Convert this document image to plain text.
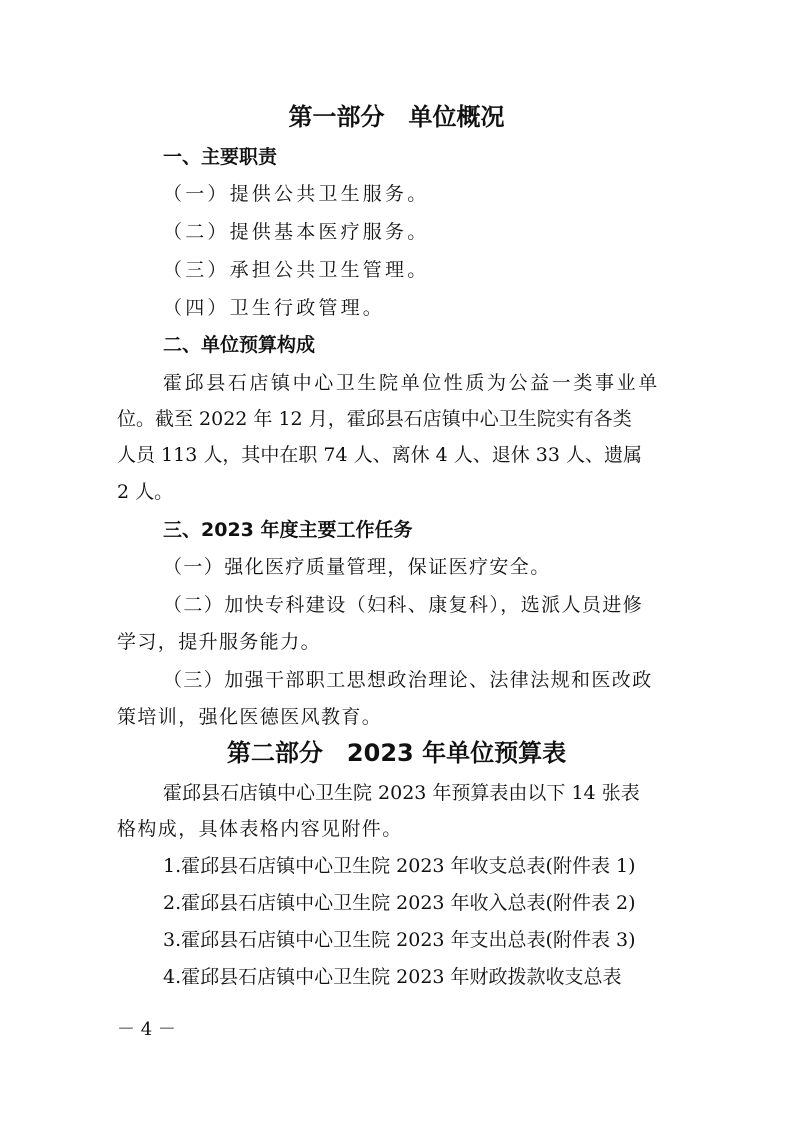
第一部分　单位概况
一、主要职责

（一）提供公共卫生服务。

（二）提供基本医疗服务。

（三）承担公共卫生管理。

（四）卫生行政管理。

二、单位预算构成

霍邱县石店镇中心卫生院单位性质为公益一类事业单

位。截至 2022 年 12 月，霍邱县石店镇中心卫生院实有各类

人员 113 人，其中在职 74 人、离休 4 人、退休 33 人、遗属

2 人。

三、2023 年度主要工作任务

（一）强化医疗质量管理，保证医疗安全。

（二）加快专科建设（妇科、康复科），选派人员进修

学习，提升服务能力。

（三）加强干部职工思想政治理论、法律法规和医改政

策培训，强化医德医风教育。

第二部分　2023 年单位预算表

霍邱县石店镇中心卫生院 2023 年预算表由以下 14 张表

格构成，具体表格内容见附件。

1.霍邱县石店镇中心卫生院 2023 年收支总表(附件表 1)

2.霍邱县石店镇中心卫生院 2023 年收入总表(附件表 2)

3.霍邱县石店镇中心卫生院 2023 年支出总表(附件表 3)

4.霍邱县石店镇中心卫生院 2023 年财政拨款收支总表

－ 4 －
